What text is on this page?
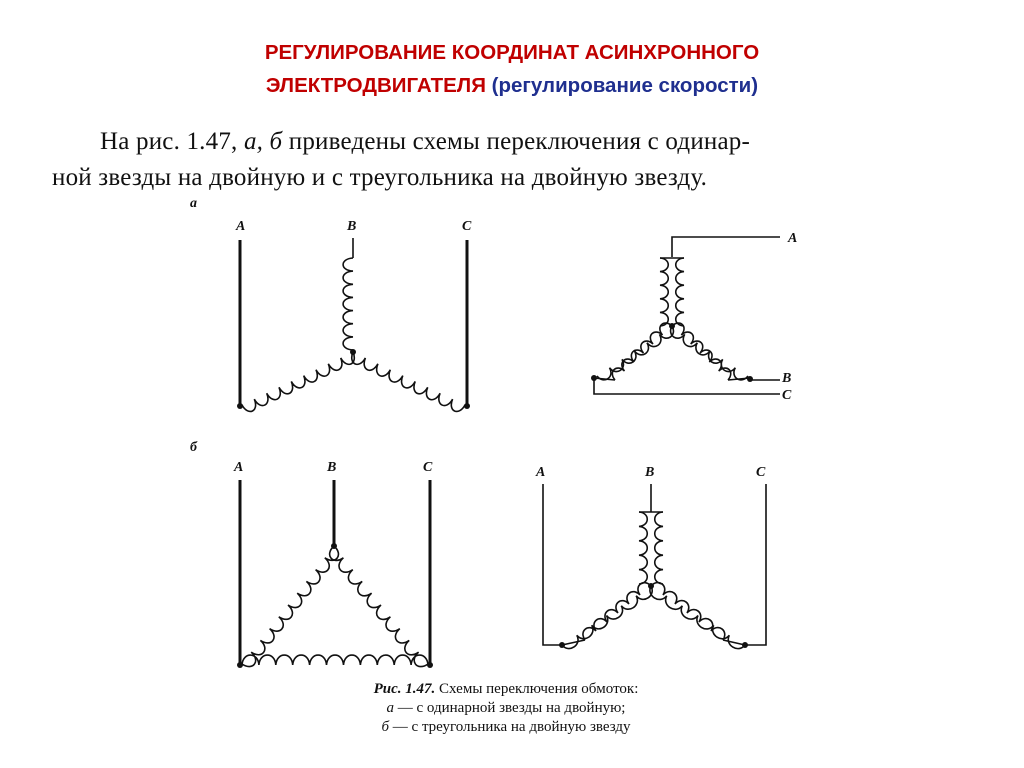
РЕГУЛИРОВАНИЕ КООРДИНАТ АСИНХРОННОГО
ЭЛЕКТРОДВИГАТЕЛЯ (регулирование скорости)

На рис. 1.47, а, б приведены схемы переключения с одинар-
ной звезды на двойную и с треугольника на двойную звезду.

а
б
A	B	C
A
B
C
A	B	C	A	B	C
Рис. 1.47. Схемы переключения обмоток:
а — с одинарной звезды на двойную;
б — с треугольника на двойную звезду
